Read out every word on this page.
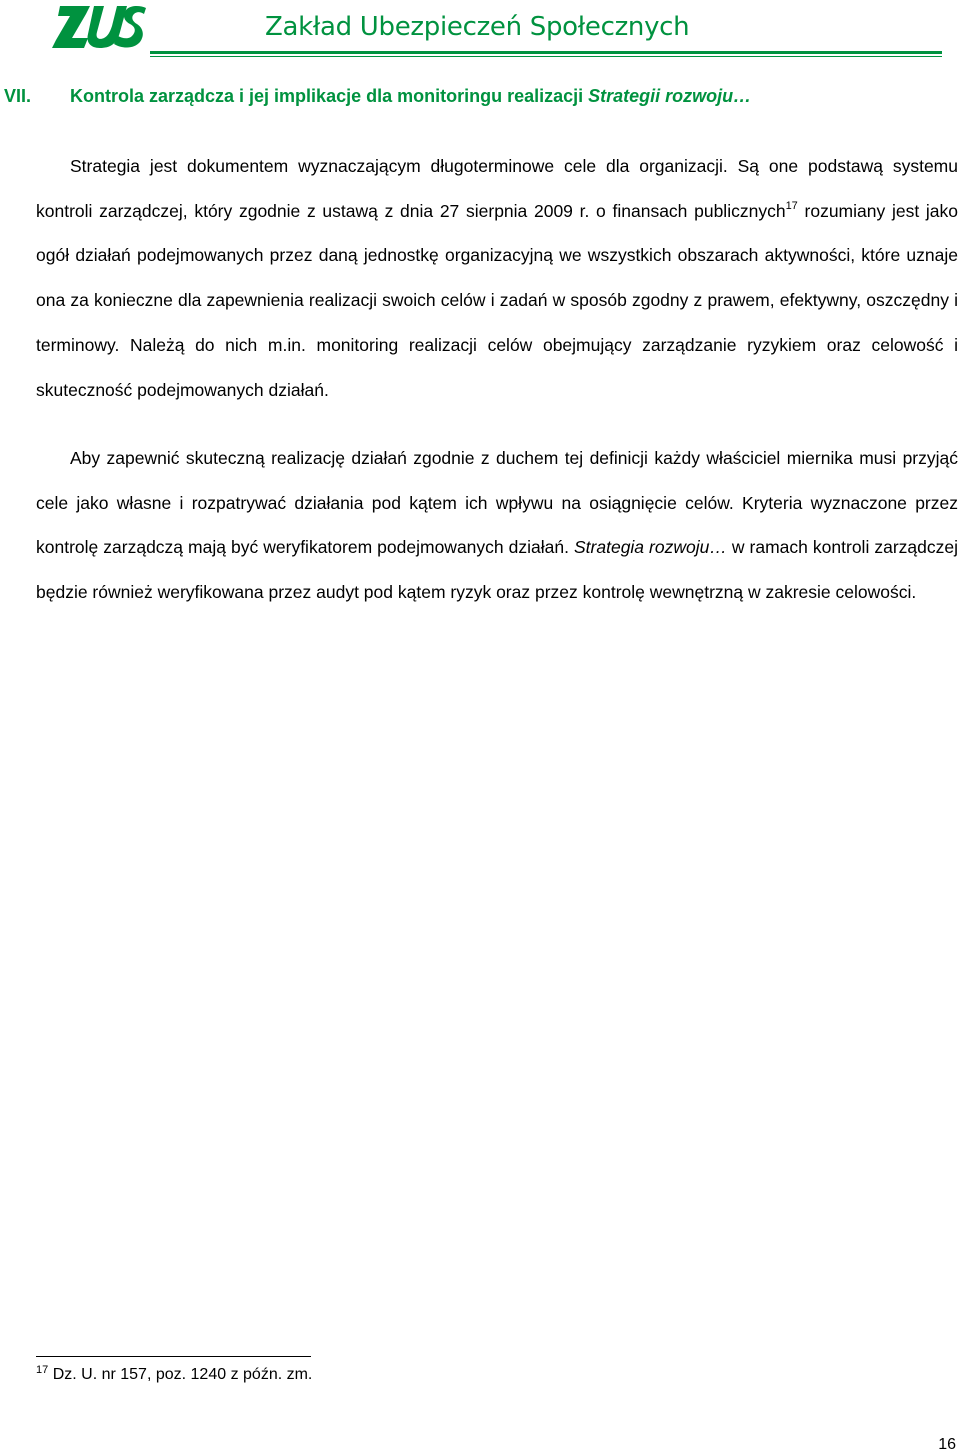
Zakład Ubezpieczeń Społecznych
VII. Kontrola zarządcza i jej implikacje dla monitoringu realizacji Strategii rozwoju…
Strategia jest dokumentem wyznaczającym długoterminowe cele dla organizacji. Są one podstawą systemu kontroli zarządczej, który zgodnie z ustawą z dnia 27 sierpnia 2009 r. o finansach publicznych$^{17}$ rozumiany jest jako ogół działań podejmowanych przez daną jednostkę organizacyjną we wszystkich obszarach aktywności, które uznaje ona za konieczne dla zapewnienia realizacji swoich celów i zadań w sposób zgodny z prawem, efektywny, oszczędny i terminowy. Należą do nich m.in. monitoring realizacji celów obejmujący zarządzanie ryzykiem oraz celowość i skuteczność podejmowanych działań.
Aby zapewnić skuteczną realizację działań zgodnie z duchem tej definicji każdy właściciel miernika musi przyjąć cele jako własne i rozpatrywać działania pod kątem ich wpływu na osiągnięcie celów. Kryteria wyznaczone przez kontrolę zarządczą mają być weryfikatorem podejmowanych działań. Strategia rozwoju… w ramach kontroli zarządczej będzie również weryfikowana przez audyt pod kątem ryzyk oraz przez kontrolę wewnętrzną w zakresie celowości.
$^{17}$ Dz. U. nr 157, poz. 1240 z późn. zm.
16
